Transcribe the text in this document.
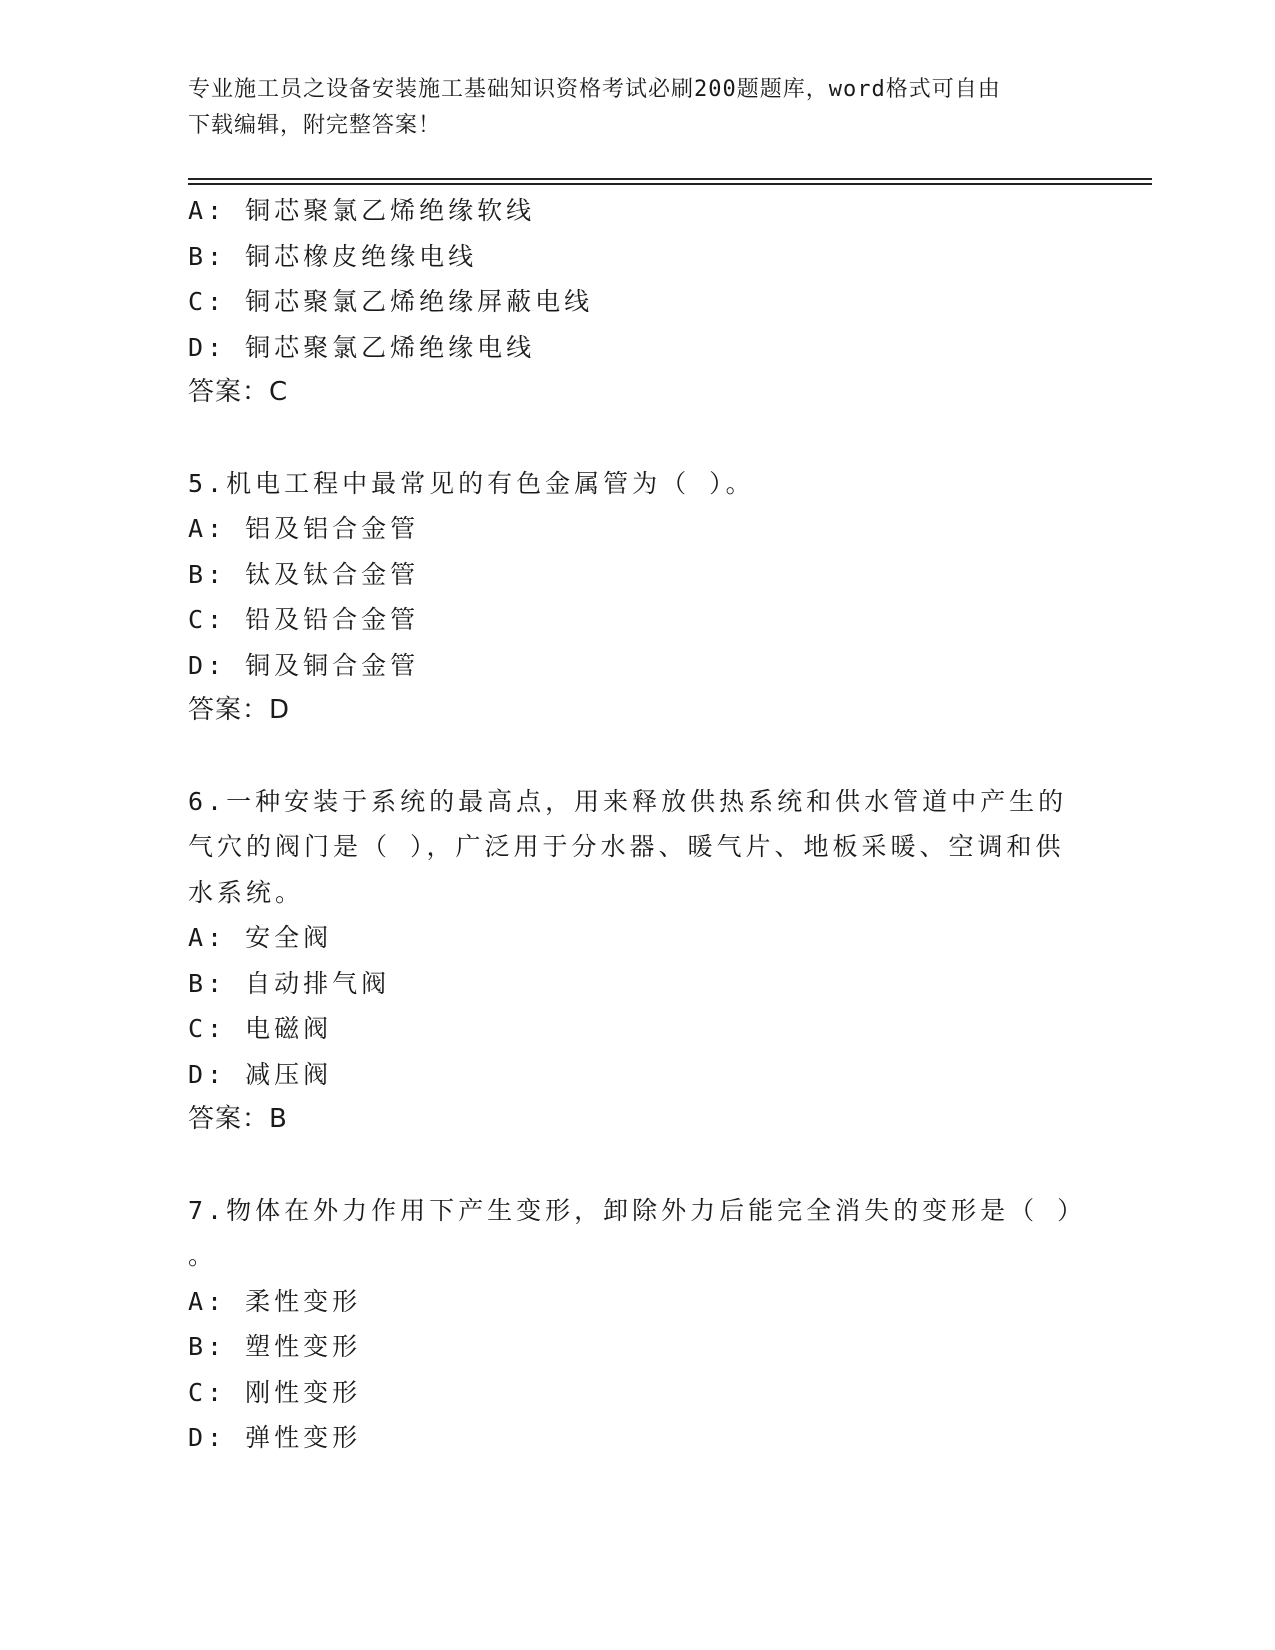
专业施工员之设备安装施工基础知识资格考试必刷200题题库，word格式可自由
下载编辑，附完整答案！
A: 铜芯聚氯乙烯绝缘软线
B: 铜芯橡皮绝缘电线
C: 铜芯聚氯乙烯绝缘屏蔽电线
D: 铜芯聚氯乙烯绝缘电线
答案：C
5.机电工程中最常见的有色金属管为（ ）。
A: 铝及铝合金管
B: 钛及钛合金管
C: 铅及铅合金管
D: 铜及铜合金管
答案：D
6.一种安装于系统的最高点，用来释放供热系统和供水管道中产生的
气穴的阀门是（ ），广泛用于分水器、暖气片、地板采暖、空调和供
水系统。
A: 安全阀
B: 自动排气阀
C: 电磁阀
D: 减压阀
答案：B
7.物体在外力作用下产生变形，卸除外力后能完全消失的变形是（ ）
。
A: 柔性变形
B: 塑性变形
C: 刚性变形
D: 弹性变形
